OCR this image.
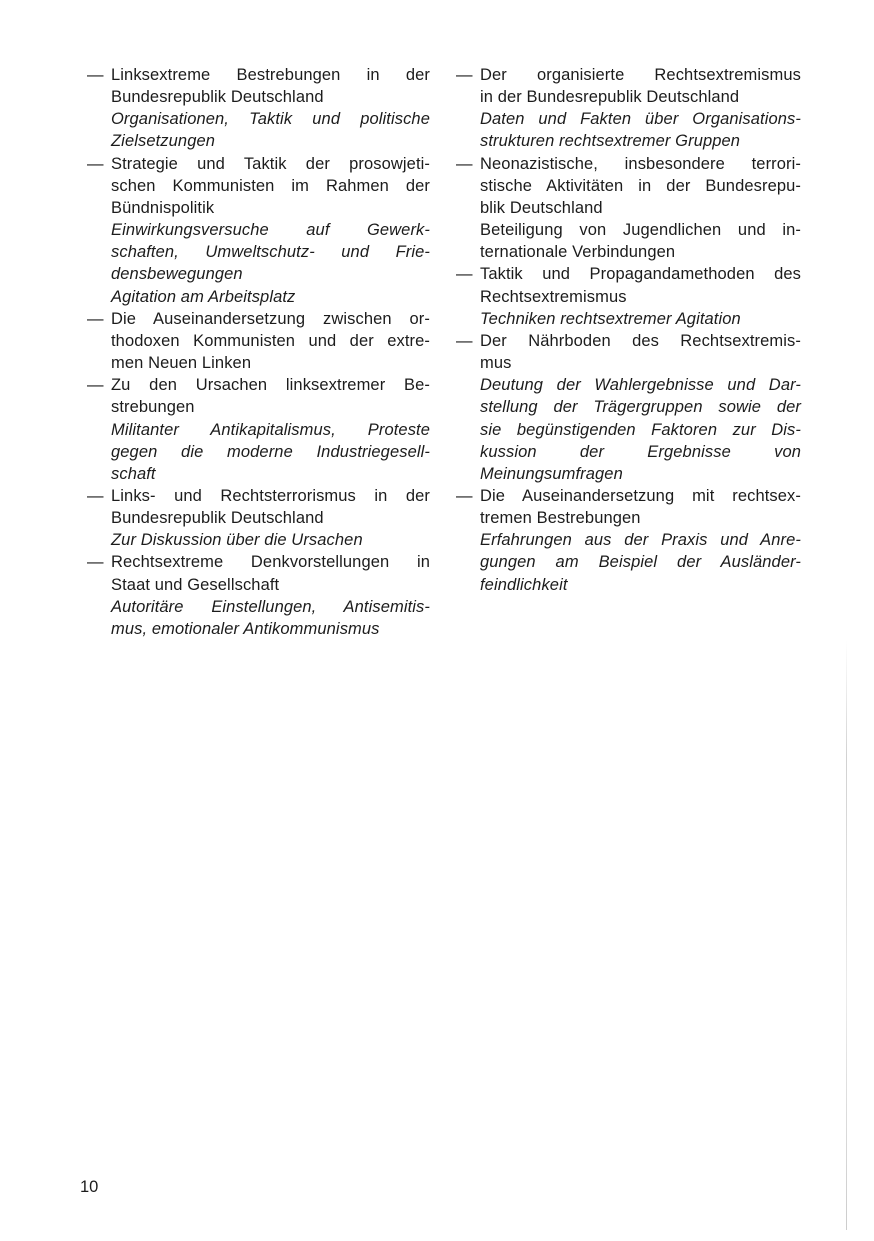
— Linksextreme Bestrebungen in der
Bundesrepublik Deutschland
Organisationen, Taktik und politische
Zielsetzungen
— Strategie und Taktik der prosowjeti-
schen Kommunisten im Rahmen der
Bündnispolitik
Einwirkungsversuche auf Gewerk-
schaften, Umweltschutz- und Frie-
densbewegungen
Agitation am Arbeitsplatz
— Die Auseinandersetzung zwischen or-
thodoxen Kommunisten und der extre-
men Neuen Linken
— Zu den Ursachen linksextremer Be-
strebungen
Militanter Antikapitalismus, Proteste
gegen die moderne Industriegesell-
schaft
— Links- und Rechtsterrorismus in der
Bundesrepublik Deutschland
Zur Diskussion über die Ursachen
— Rechtsextreme Denkvorstellungen in
Staat und Gesellschaft
Autoritäre Einstellungen, Antisemitis-
mus, emotionaler Antikommunismus
— Der organisierte Rechtsextremismus
in der Bundesrepublik Deutschland
Daten und Fakten über Organisations-
strukturen rechtsextremer Gruppen
— Neonazistische, insbesondere terrori-
stische Aktivitäten in der Bundesrepu-
blik Deutschland
Beteiligung von Jugendlichen und in-
ternationale Verbindungen
— Taktik und Propagandamethoden des
Rechtsextremismus
Techniken rechtsextremer Agitation
— Der Nährboden des Rechtsextremis-
mus
Deutung der Wahlergebnisse und Dar-
stellung der Trägergruppen sowie der
sie begünstigenden Faktoren zur Dis-
kussion der Ergebnisse von
Meinungsumfragen
— Die Auseinandersetzung mit rechtsex-
tremen Bestrebungen
Erfahrungen aus der Praxis und Anre-
gungen am Beispiel der Ausländer-
feindlichkeit
10
